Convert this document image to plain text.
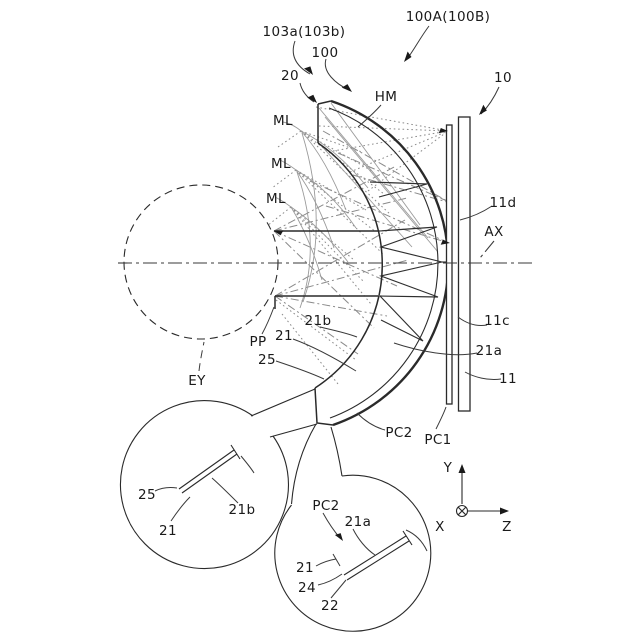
103a(103b)
100
100A(100B)
20
HM
10
ML
ML
ML	11d
AX
11c
21a
11
21b
PP 21
25
EY
PC2 PC1
25
21
21b	PC2
21a
21
24
22
Y
X	Z
